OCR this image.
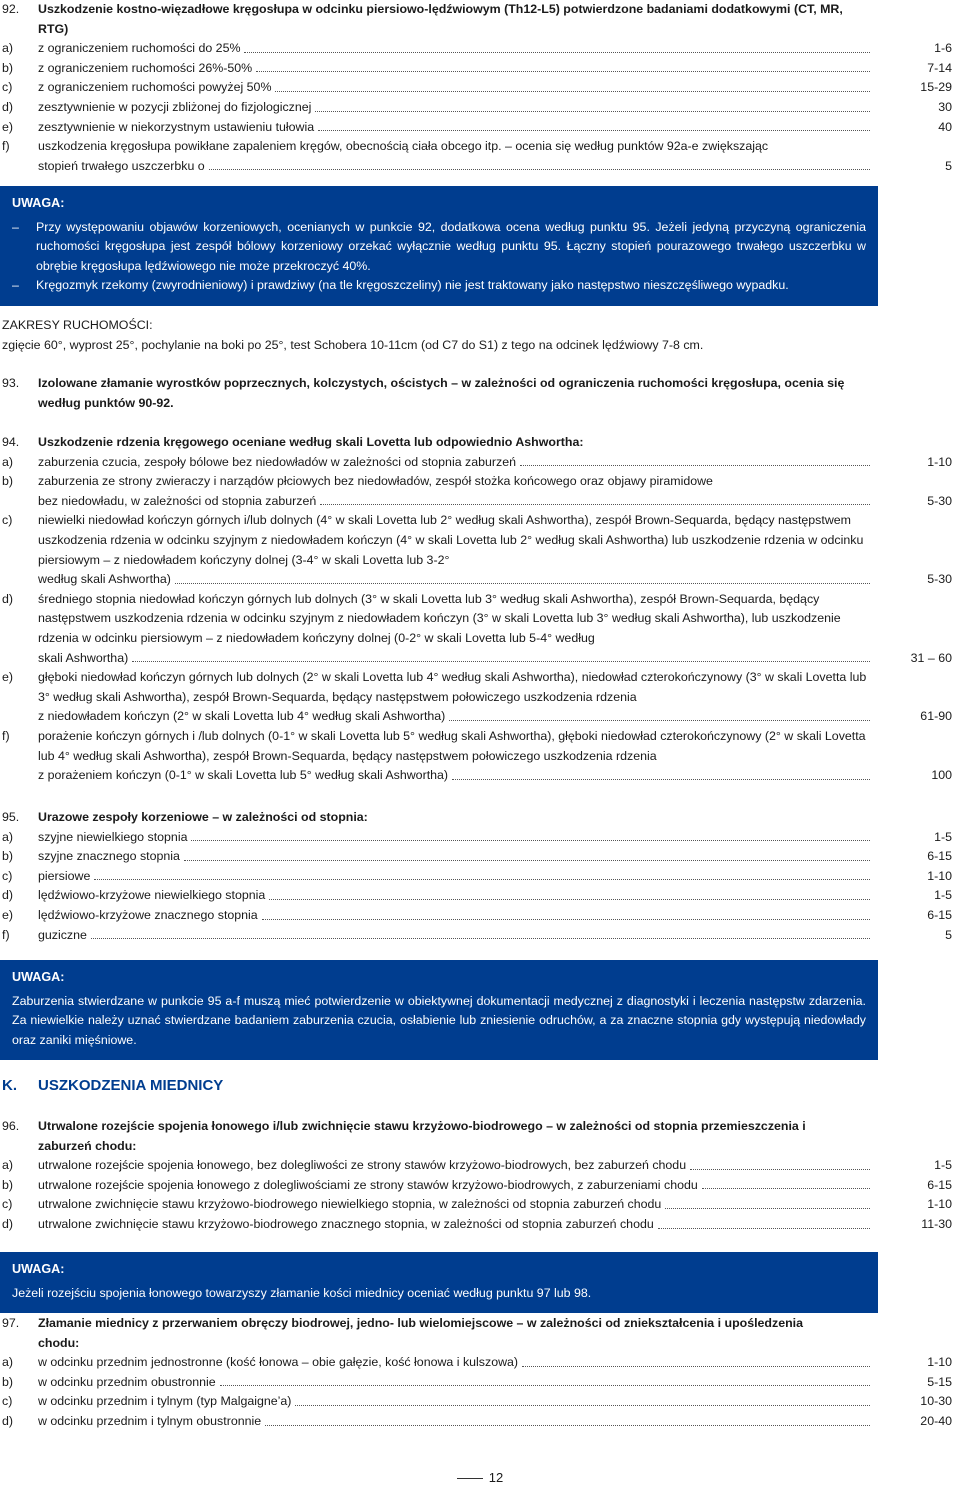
92.	Uszkodzenie kostno-więzadłowe kręgosłupa w odcinku piersiowo-lędźwiowym (Th12-L5) potwierdzone badaniami dodatkowymi (CT, MR, RTG)
a)	z ograniczeniem ruchomości do 25%	1-6
b)	z ograniczeniem ruchomości 26%-50%	7-14
c)	z ograniczeniem ruchomości powyżej 50%	15-29
d)	zesztywnienie w pozycji zbliżonej do fizjologicznej	30
e)	zesztywnienie w niekorzystnym ustawieniu tułowia	40
f)	uszkodzenia kręgosłupa powikłane zapaleniem kręgów, obecnością ciała obcego itp. – ocenia się według punktów 92a-e zwiększając
stopień trwałego uszczerbku o	5
UWAGA:
–	Przy występowaniu objawów korzeniowych, ocenianych w punkcie 92, dodatkowa ocena według punktu 95. Jeżeli jedyną przyczyną ograniczenia ruchomości kręgosłupa jest zespół bólowy korzeniowy orzekać wyłącznie według punktu 95. Łączny stopień pourazowego trwałego uszczerbku w obrębie kręgosłupa lędźwiowego nie może przekroczyć 40%.

–	Kręgozmyk rzekomy (zwyrodnieniowy) i prawdziwy (na tle kręgoszczeliny) nie jest traktowany jako następstwo nieszczęśliwego wypadku.

ZAKRESY RUCHOMOŚCI:
zgięcie 60°, wyprost 25°, pochylanie na boki po 25°, test Schobera 10-11cm (od C7 do S1) z tego na odcinek lędźwiowy 7-8 cm.
93.	Izolowane złamanie wyrostków poprzecznych, kolczystych, ościstych – w zależności od ograniczenia ruchomości kręgosłupa, ocenia się według punktów 90-92.
94.	Uszkodzenie rdzenia kręgowego oceniane według skali Lovetta lub odpowiednio Ashwortha:
a)	zaburzenia czucia, zespoły bólowe bez niedowładów w zależności od stopnia zaburzeń	1-10
b)	zaburzenia ze strony zwieraczy i narządów płciowych bez niedowładów, zespół stożka końcowego oraz objawy piramidowe
bez niedowładu, w zależności od stopnia zaburzeń	5-30
c)	niewielki niedowład kończyn górnych i/lub dolnych (4° w skali Lovetta lub 2° według skali Ashwortha), zespół Brown-Sequarda, będący następstwem uszkodzenia rdzenia w odcinku szyjnym z niedowładem kończyn (4° w skali Lovetta lub 2° według skali Ashwortha) lub uszkodzenie rdzenia w odcinku piersiowym – z niedowładem kończyny dolnej (3-4° w skali Lovetta lub 3-2°
według skali Ashwortha)	5-30
d)	średniego stopnia niedowład kończyn górnych lub dolnych (3° w skali Lovetta lub 3° według skali Ashwortha), zespół Brown-Sequarda, będący następstwem uszkodzenia rdzenia w odcinku szyjnym z niedowładem kończyn (3° w skali Lovetta lub 3° według skali Ashwortha), lub uszkodzenie rdzenia w odcinku piersiowym – z niedowładem kończyny dolnej (0-2° w skali Lovetta lub 5-4° według
skali Ashwortha)	31 – 60
e)	głęboki niedowład kończyn górnych lub dolnych (2° w skali Lovetta lub 4° według skali Ashwortha), niedowład czterokończynowy (3° w skali Lovetta lub 3° według skali Ashwortha), zespół Brown-Sequarda, będący następstwem połowiczego uszkodzenia rdzenia
z niedowładem kończyn (2° w skali Lovetta lub 4° według skali Ashwortha)	61-90
f)	porażenie kończyn górnych i /lub dolnych (0-1° w skali Lovetta lub 5° według skali Ashwortha), głęboki niedowład czterokończynowy (2° w skali Lovetta lub 4° według skali Ashwortha), zespół Brown-Sequarda, będący następstwem połowiczego uszkodzenia rdzenia
z porażeniem kończyn (0-1° w skali Lovetta lub 5° według skali Ashwortha)	100
95.	Urazowe zespoły korzeniowe – w zależności od stopnia:
a)	szyjne niewielkiego stopnia	1-5
b)	szyjne znacznego stopnia	6-15
c)	piersiowe	1-10
d)	lędźwiowo-krzyżowe niewielkiego stopnia	1-5
e)	lędźwiowo-krzyżowe znacznego stopnia	6-15
f)	guziczne	5
UWAGA:

Zaburzenia stwierdzane w punkcie 95 a-f muszą mieć potwierdzenie w obiektywnej dokumentacji medycznej z diagnostyki i leczenia następstw zdarzenia. Za niewielkie należy uznać stwierdzane badaniem zaburzenia czucia, osłabienie lub zniesienie odruchów, a za znaczne stopnia gdy występują niedowłady oraz zaniki mięśniowe.

K.	USZKODZENIA MIEDNICY
96.	Utrwalone rozejście spojenia łonowego i/lub zwichnięcie stawu krzyżowo-biodrowego – w zależności od stopnia przemieszczenia i zaburzeń chodu:
a)	utrwalone rozejście spojenia łonowego, bez dolegliwości ze strony stawów krzyżowo-biodrowych, bez zaburzeń chodu	1-5
b)	utrwalone rozejście spojenia łonowego z dolegliwościami ze strony stawów krzyżowo-biodrowych, z zaburzeniami chodu	6-15
c)	utrwalone zwichnięcie stawu krzyżowo-biodrowego niewielkiego stopnia, w zależności od stopnia zaburzeń chodu	1-10
d)	utrwalone zwichnięcie stawu krzyżowo-biodrowego znacznego stopnia, w zależności od stopnia zaburzeń chodu	11-30
UWAGA:

Jeżeli rozejściu spojenia łonowego towarzyszy złamanie kości miednicy oceniać według punktu 97 lub 98.

97.	Złamanie miednicy z przerwaniem obręczy biodrowej, jedno- lub wielomiejscowe – w zależności od zniekształcenia i upośledzenia chodu:
a)	w odcinku przednim jednostronne (kość łonowa – obie gałęzie, kość łonowa i kulszowa)	1-10
b)	w odcinku przednim obustronnie	5-15
c)	w odcinku przednim i tylnym (typ Malgaigne’a)	10-30
d)	w odcinku przednim i tylnym obustronnie	20-40
12
